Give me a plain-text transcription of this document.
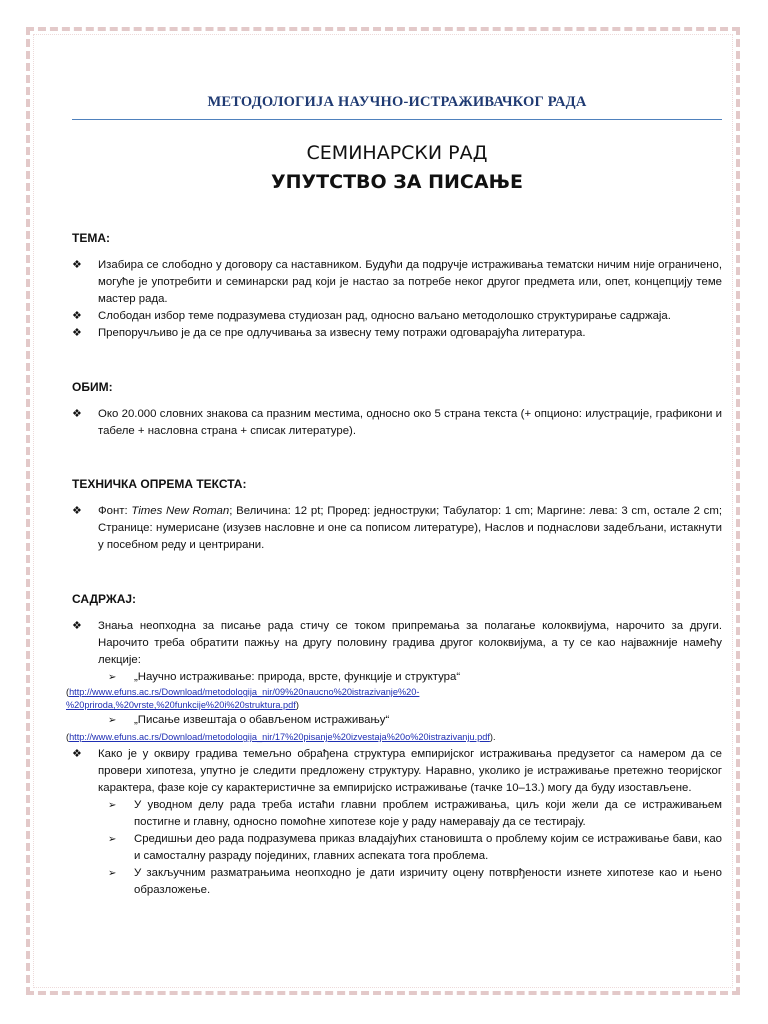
МЕТОДОЛОГИЈА НАУЧНО-ИСТРАЖИВАЧКОГ РАДА
СЕМИНАРСКИ РАД
УПУТСТВО ЗА ПИСАЊЕ
ТЕМА:
❖ Изабира се слободно у договору са наставником. Будући да подручје истраживања тематски ничим није ограничено, могуће је употребити и семинарски рад који је настао за потребе неког другог предмета или, опет, концепцију теме мастер рада.
❖ Слободан избор теме подразумева студиозан рад, односно ваљано методолошко структурирање садржаја.
❖ Препоручљиво је да се пре одлучивања за извесну тему потражи одговарајућа литература.
ОБИМ:
❖ Око 20.000 словних знакова са празним местима, односно око 5 страна текста (+ опционо: илустрације, графикони и табеле + насловна страна + списак литературе).
ТЕХНИЧКА ОПРЕМА ТЕКСТА:
❖ Фонт: Times New Roman; Величина: 12 pt; Проред: једноструки; Табулатор: 1 cm; Маргине: лева: 3 cm, остале 2 cm; Странице: нумерисане (изузев насловне и оне са пописом литературе), Наслов и поднаслови задебљани, истакнути у посебном реду и центрирани.
САДРЖАЈ:
❖ Знања неопходна за писање рада стичу се током припремања за полагање колоквијума, нарочито за други. Нарочито треба обратити пажњу на другу половину градива другог колоквијума, а ту се као најважније намећу лекције:
➢ „Научно истраживање: природа, врсте, функције и структура“
(http://www.efuns.ac.rs/Download/metodologija_nir/09%20naucno%20istrazivanje%20-
%20priroda,%20vrste,%20funkcije%20i%20struktura.pdf)
➢ „Писање извештаја о обављеном истраживању“
(http://www.efuns.ac.rs/Download/metodologija_nir/17%20pisanje%20izvestaja%20o%20istrazivanju.pdf).
❖ Како је у оквиру градива темељно обрађена структура емпиријског истраживања предузетог са намером да се провери хипотеза, упутно је следити предложену структуру. Наравно, уколико је истраживање претежно теоријског карактера, фазе које су карактеристичне за емпиријско истраживање (тачке 10–13.) могу да буду изостављене.
➢ У уводном делу рада треба истаћи главни проблем истраживања, циљ који жели да се истраживањем постигне и главну, односно помоћне хипотезе које у раду намеравају да се тестирају.
➢ Средишњи део рада подразумева приказ владајућих становишта о проблему којим се истраживање бави, као и самосталну разраду појединих, главних аспеката тога проблема.
➢ У закључним разматрањима неопходно је дати изричиту оцену потврђености изнете хипотезе као и њено образложење.
